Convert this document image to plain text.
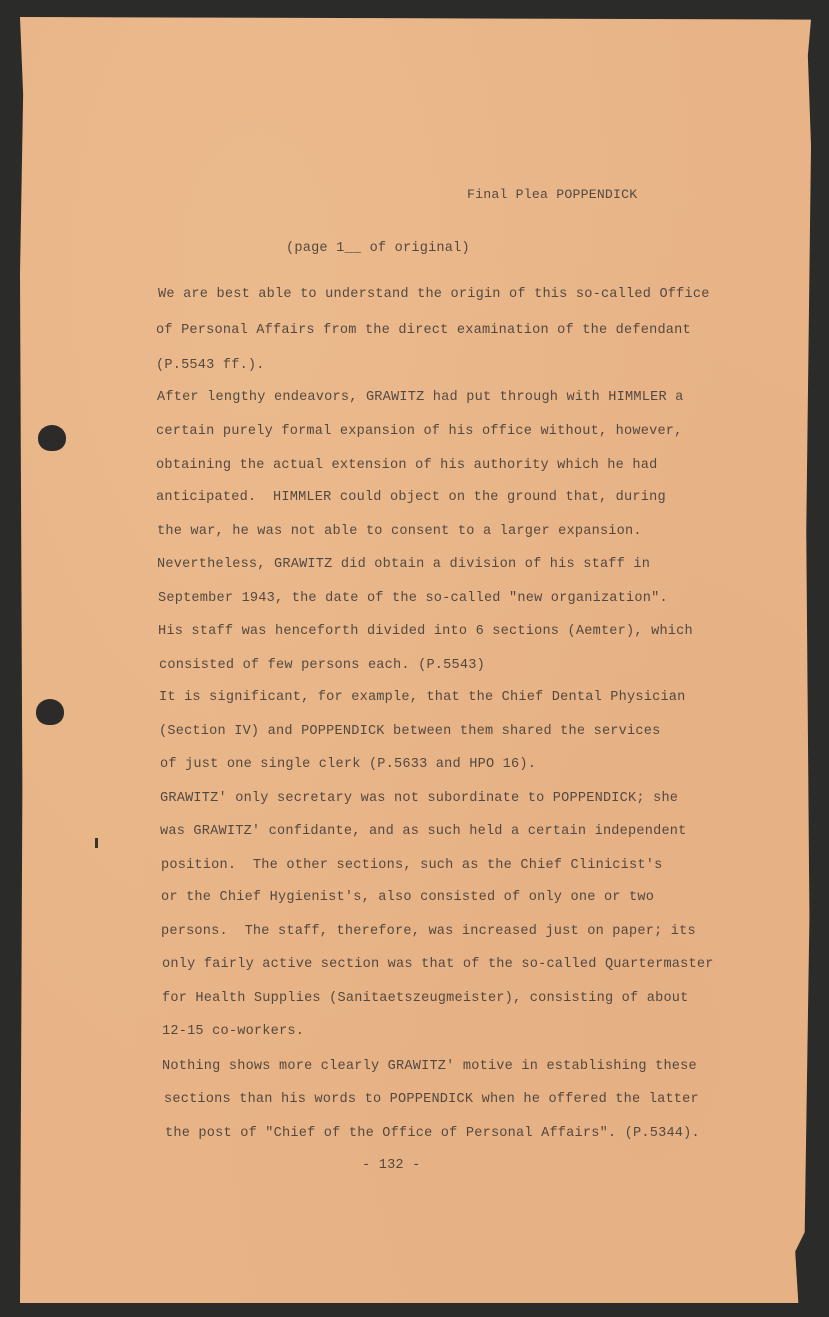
Final Plea POPPENDICK
(page 1__ of original)
We are best able to understand the origin of this so-called Office
of Personal Affairs from the direct examination of the defendant
(P.5543 ff.).
After lengthy endeavors, GRAWITZ had put through with HIMMLER a
certain purely formal expansion of his office without, however,
obtaining the actual extension of his authority which he had
anticipated.  HIMMLER could object on the ground that, during
the war, he was not able to consent to a larger expansion.
Nevertheless, GRAWITZ did obtain a division of his staff in
September 1943, the date of the so-called "new organization".
His staff was henceforth divided into 6 sections (Aemter), which
consisted of few persons each. (P.5543)
It is significant, for example, that the Chief Dental Physician
(Section IV) and POPPENDICK between them shared the services
of just one single clerk (P.5633 and HPO 16).
GRAWITZ' only secretary was not subordinate to POPPENDICK; she
was GRAWITZ' confidante, and as such held a certain independent
position.  The other sections, such as the Chief Clinicist's
or the Chief Hygienist's, also consisted of only one or two
persons.  The staff, therefore, was increased just on paper; its
only fairly active section was that of the so-called Quartermaster
for Health Supplies (Sanitaetszeugmeister), consisting of about
12-15 co-workers.
Nothing shows more clearly GRAWITZ' motive in establishing these
sections than his words to POPPENDICK when he offered the latter
the post of "Chief of the Office of Personal Affairs". (P.5344).
- 132 -
